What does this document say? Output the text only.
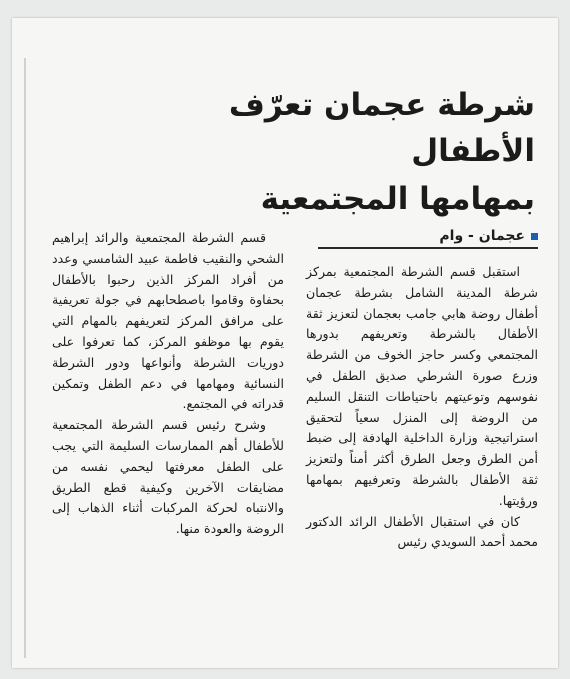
شرطة عجمان تعرّف الأطفال
بمهامها المجتمعية
عجمان - وام

استقبل قسم الشرطة المجتمعية بمركز شرطة المدينة الشامل بشرطة عجمان أطفال روضة هابي جامب بعجمان لتعزيز ثقة الأطفال بالشرطة وتعريفهم بدورها المجتمعي وكسر حاجز الخوف من الشرطة وزرع صورة الشرطي صديق الطفل في نفوسهم وتوعيتهم باحتياطات التنقل السليم من الروضة إلى المنزل سعياً لتحقيق استراتيجية وزارة الداخلية الهادفة إلى ضبط أمن الطرق وجعل الطرق أكثر أمناً ولتعزيز ثقة الأطفال بالشرطة وتعرفيهم بمهامها ورؤيتها.

كان في استقبال الأطفال الرائد الدكتور محمد أحمد السويدي رئيس

قسم الشرطة المجتمعية والرائد إبراهيم الشحي والنقيب فاطمة عبيد الشامسي وعدد من أفراد المركز الذين رحبوا بالأطفال بحفاوة وقاموا باصطحابهم في جولة تعريفية على مرافق المركز لتعريفهم بالمهام التي يقوم بها موظفو المركز، كما تعرفوا على دوريات الشرطة وأنواعها ودور الشرطة النسائية ومهامها في دعم الطفل وتمكين قدراته في المجتمع.

وشرح رئيس قسم الشرطة المجتمعية للأطفال أهم الممارسات السليمة التي يجب على الطفل معرفتها ليحمي نفسه من مضايقات الآخرين وكيفية قطع الطريق والانتباه لحركة المركبات أثناء الذهاب إلى الروضة والعودة منها.
